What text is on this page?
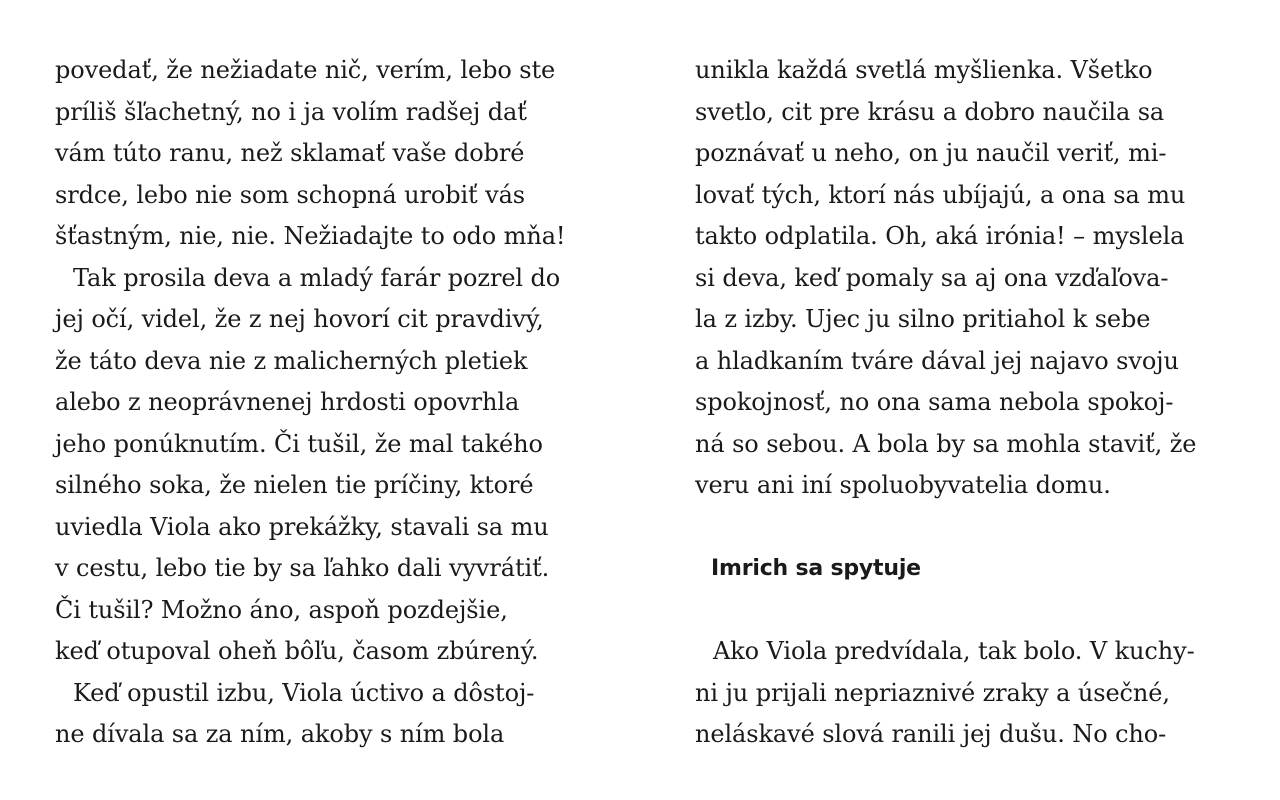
povedať, že nežiadate nič, verím, lebo ste
príliš šľachetný, no i ja volím radšej dať
vám túto ranu, než sklamať vaše dobré
srdce, lebo nie som schopná urobiť vás
šťastným, nie, nie. Nežiadajte to odo mňa!
Tak prosila deva a mladý farár pozrel do
jej očí, videl, že z nej hovorí cit pravdivý,
že táto deva nie z malicherných pletiek
alebo z neoprávnenej hrdosti opovrhla
jeho ponúknutím. Či tušil, že mal takého
silného soka, že nielen tie príčiny, ktoré
uviedla Viola ako prekážky, stavali sa mu
v cestu, lebo tie by sa ľahko dali vyvrátiť.
Či tušil? Možno áno, aspoň pozdejšie,
keď otupoval oheň bôľu, časom zbúrený.
Keď opustil izbu, Viola úctivo a dôstoj-
ne dívala sa za ním, akoby s ním bola
unikla každá svetlá myšlienka. Všetko
svetlo, cit pre krásu a dobro naučila sa
poznávať u neho, on ju naučil veriť, mi-
lovať tých, ktorí nás ubíjajú, a ona sa mu
takto odplatila. Oh, aká irónia! – myslela
si deva, keď pomaly sa aj ona vzďaľova-
la z izby. Ujec ju silno pritiahol k sebe
a hladkaním tváre dával jej najavo svoju
spokojnosť, no ona sama nebola spokoj-
ná so sebou. A bola by sa mohla staviť, že
veru ani iní spoluobyvatelia domu.
Imrich sa spytuje
Ako Viola predvídala, tak bolo. V kuchy-
ni ju prijali nepriaznivé zraky a úsečné,
neláskavé slová ranili jej dušu. No cho-
